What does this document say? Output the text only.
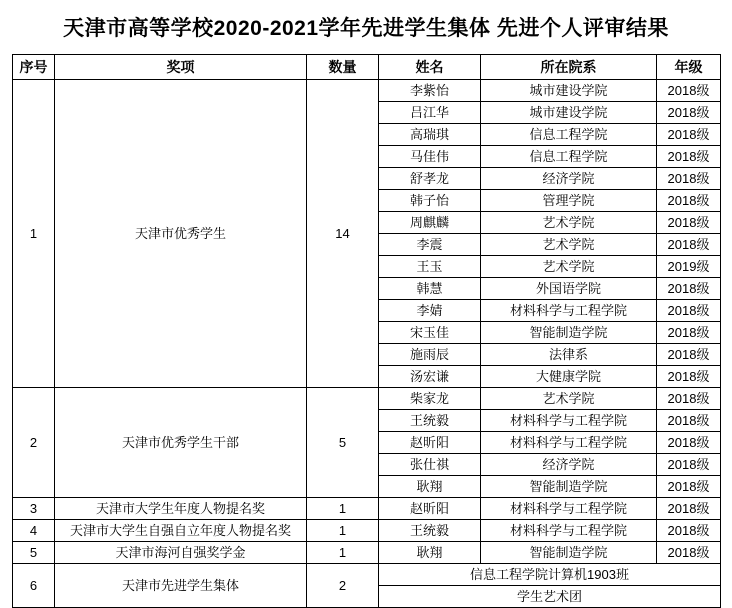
天津市高等学校2020-2021学年先进学生集体 先进个人评审结果
序号	奖项	数量	姓名	所在院系	年级
1	天津市优秀学生	14	李紫怡	城市建设学院	2018级
			吕江华	城市建设学院	2018级
			高瑞琪	信息工程学院	2018级
			马佳伟	信息工程学院	2018级
			舒孝龙	经济学院	2018级
			韩子怡	管理学院	2018级
			周麒麟	艺术学院	2018级
			李震	艺术学院	2018级
			王玉	艺术学院	2019级
			韩慧	外国语学院	2018级
			李婧	材料科学与工程学院	2018级
			宋玉佳	智能制造学院	2018级
			施雨辰	法律系	2018级
			汤宏谦	大健康学院	2018级
2	天津市优秀学生干部	5	柴家龙	艺术学院	2018级
			王统毅	材料科学与工程学院	2018级
			赵昕阳	材料科学与工程学院	2018级
			张仕祺	经济学院	2018级
			耿翔	智能制造学院	2018级
3	天津市大学生年度人物提名奖	1	赵昕阳	材料科学与工程学院	2018级
4	天津市大学生自强自立年度人物提名奖	1	王统毅	材料科学与工程学院	2018级
5	天津市海河自强奖学金	1	耿翔	智能制造学院	2018级
6	天津市先进学生集体	2	信息工程学院计算机1903班		
			学生艺术团		
